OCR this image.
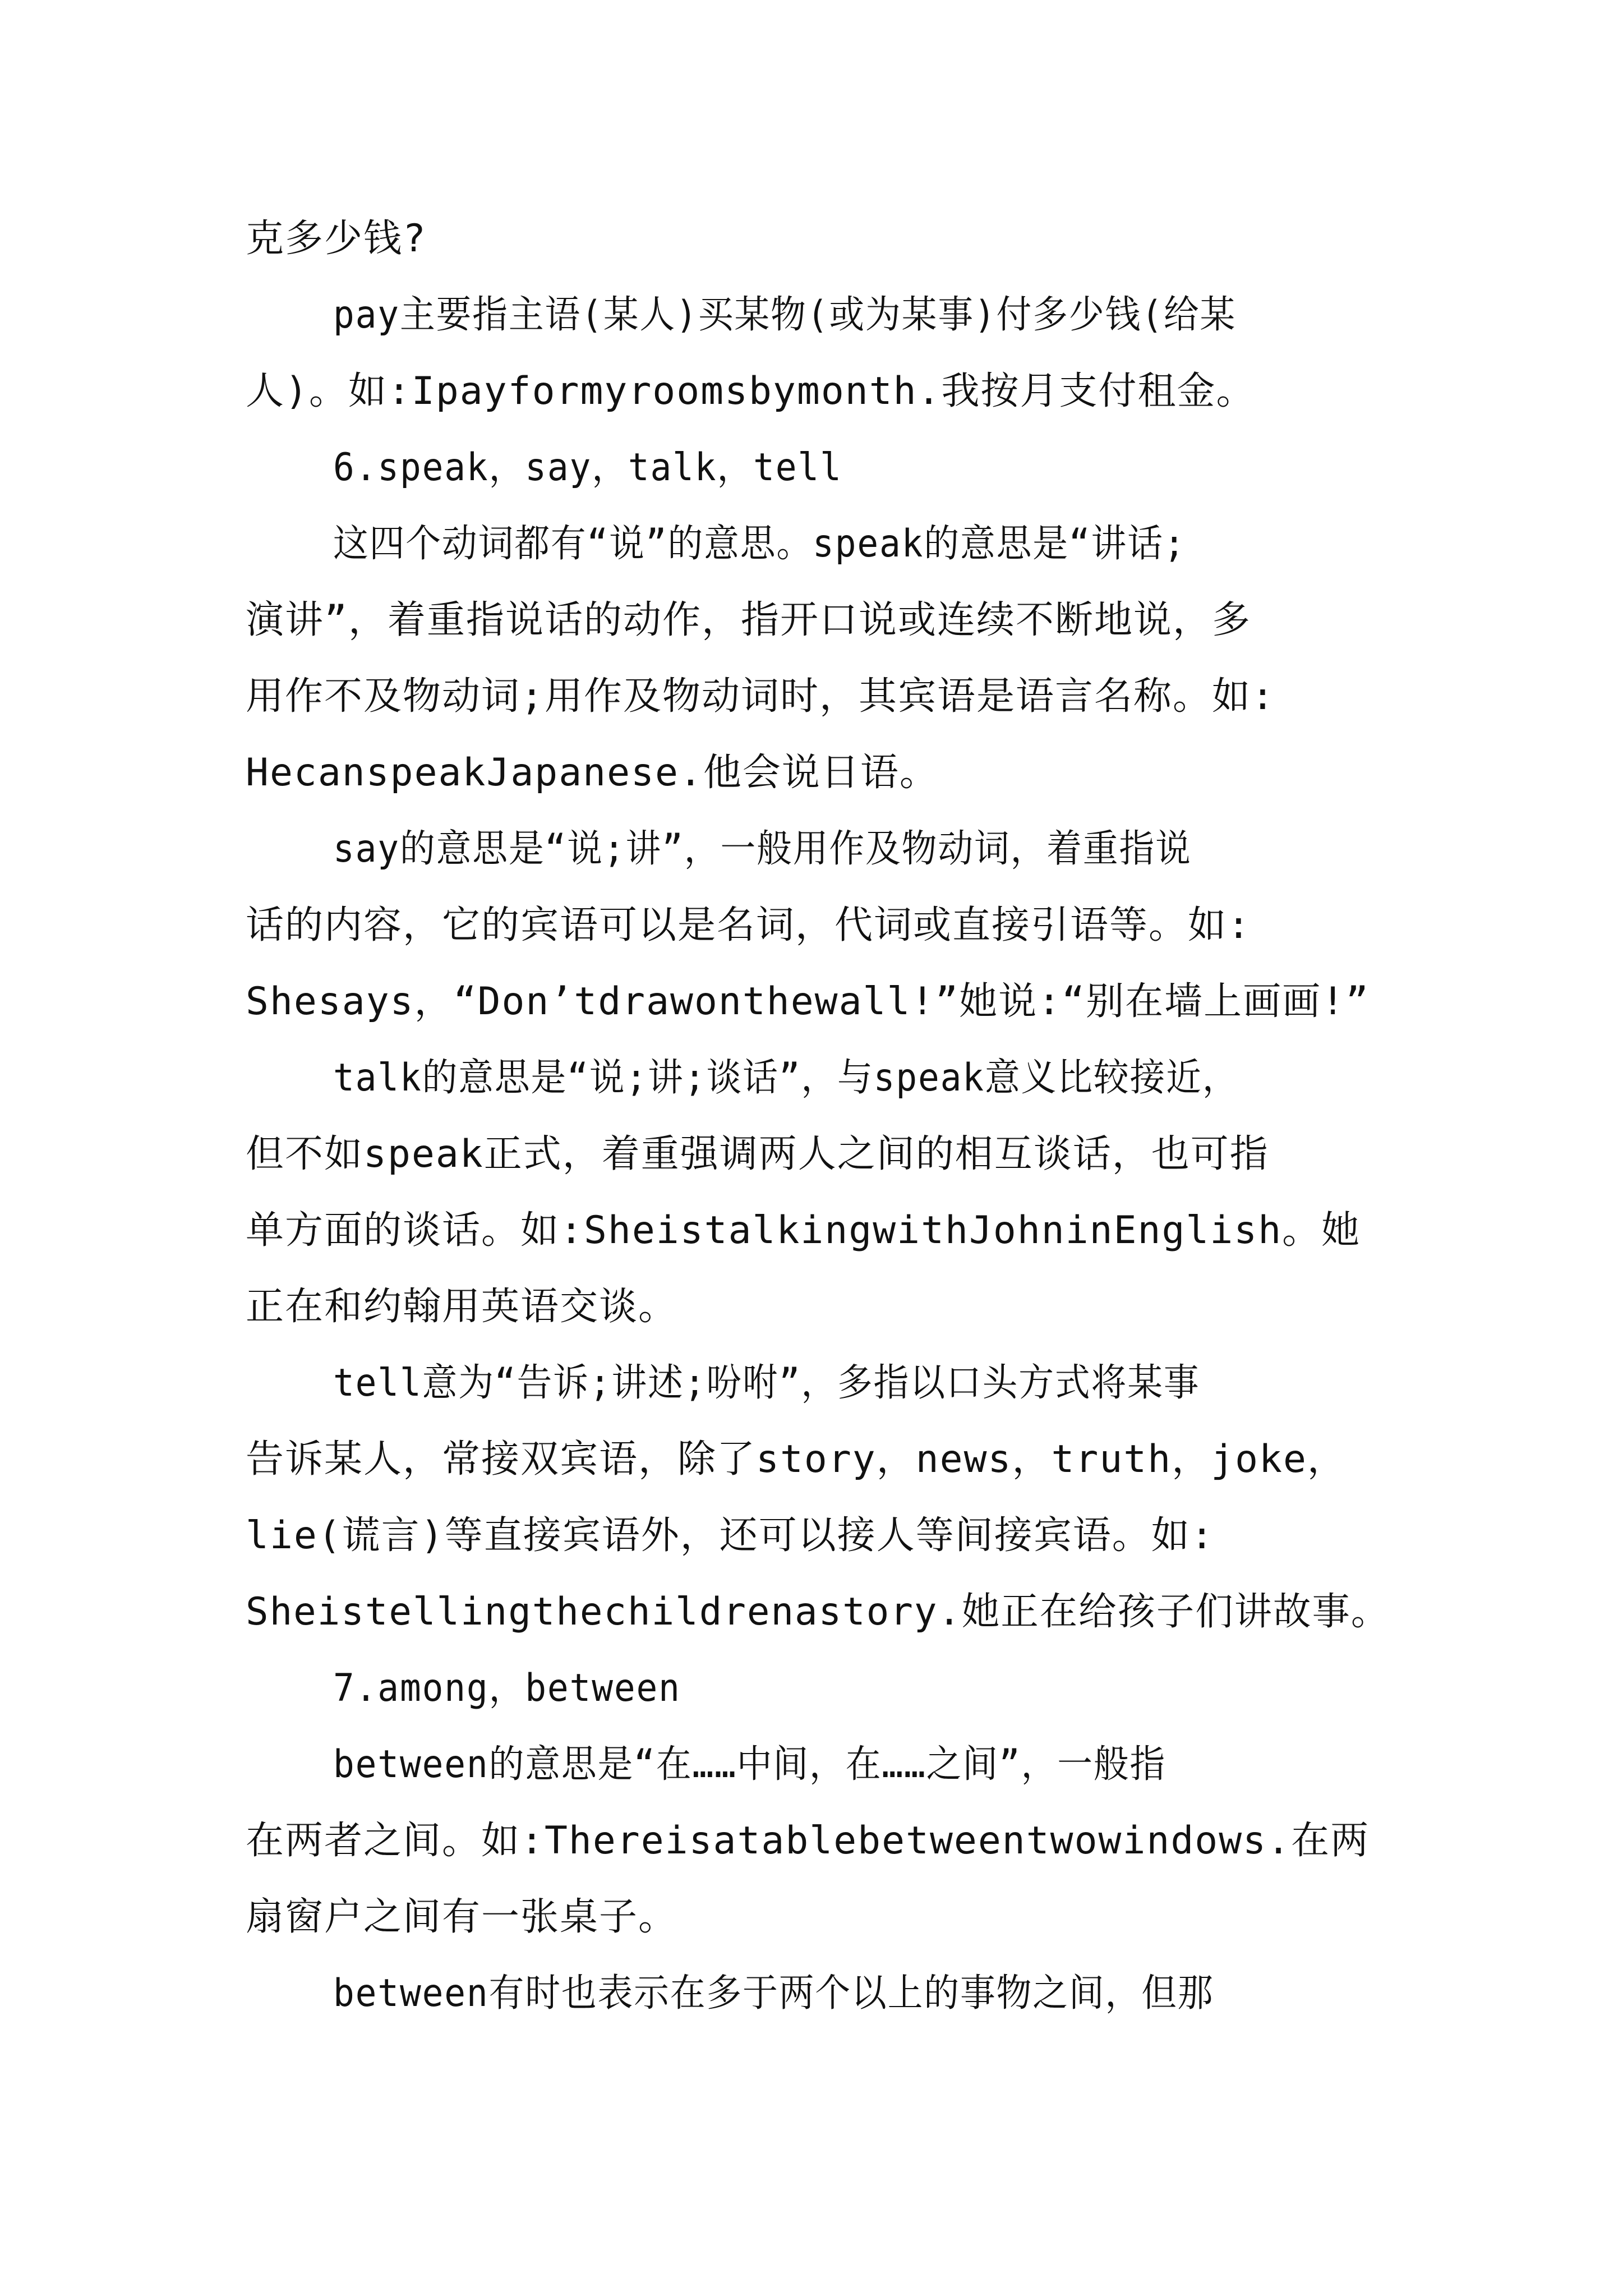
克多少钱?
pay主要指主语(某人)买某物(或为某事)付多少钱(给某
人)。如:Ipayformyroomsbymonth.我按月支付租金。
6.speak，say，talk，tell
这四个动词都有“说”的意思。speak的意思是“讲话;
演讲”，着重指说话的动作，指开口说或连续不断地说，多
用作不及物动词;用作及物动词时，其宾语是语言名称。如:
HecanspeakJapanese.他会说日语。
say的意思是“说;讲”，一般用作及物动词，着重指说
话的内容，它的宾语可以是名词，代词或直接引语等。如:
Shesays，“Don’tdrawonthewall!”她说:“别在墙上画画!”
talk的意思是“说;讲;谈话”，与speak意义比较接近，
但不如speak正式，着重强调两人之间的相互谈话，也可指
单方面的谈话。如:SheistalkingwithJohninEnglish。她
正在和约翰用英语交谈。
tell意为“告诉;讲述;吩咐”，多指以口头方式将某事
告诉某人，常接双宾语，除了story，news，truth，joke，
lie(谎言)等直接宾语外，还可以接人等间接宾语。如:
Sheistellingthechildrenastory.她正在给孩子们讲故事。
7.among，between
between的意思是“在……中间，在……之间”，一般指
在两者之间。如:Thereisatablebetweentwowindows.在两
扇窗户之间有一张桌子。
between有时也表示在多于两个以上的事物之间，但那
